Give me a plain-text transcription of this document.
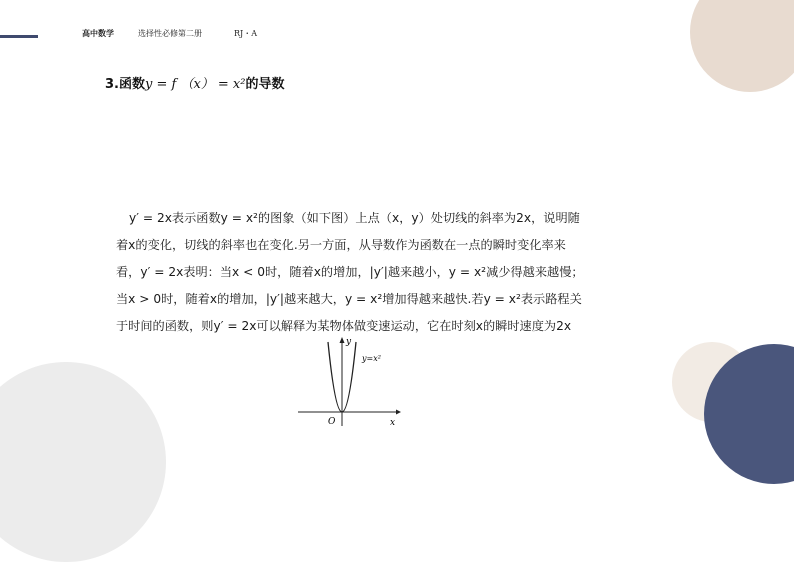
高中数学	选择性必修第二册	RJ・A
3.函数y = f （x） = x²的导数
y′ = 2x表示函数y = x²的图象（如下图）上点（x，y）处切线的斜率为2x，说明随
着x的变化，切线的斜率也在变化.另一方面，从导数作为函数在一点的瞬时变化率来
看，y′ = 2x表明：当x < 0时，随着x的增加，|y′|越来越小，y = x²减少得越来越慢；
当x > 0时，随着x的增加，|y′|越来越大，y = x²增加得越来越快.若y = x²表示路程关
于时间的函数，则y′ = 2x可以解释为某物体做变速运动，它在时刻x的瞬时速度为2x
y
x
O
y=x²
